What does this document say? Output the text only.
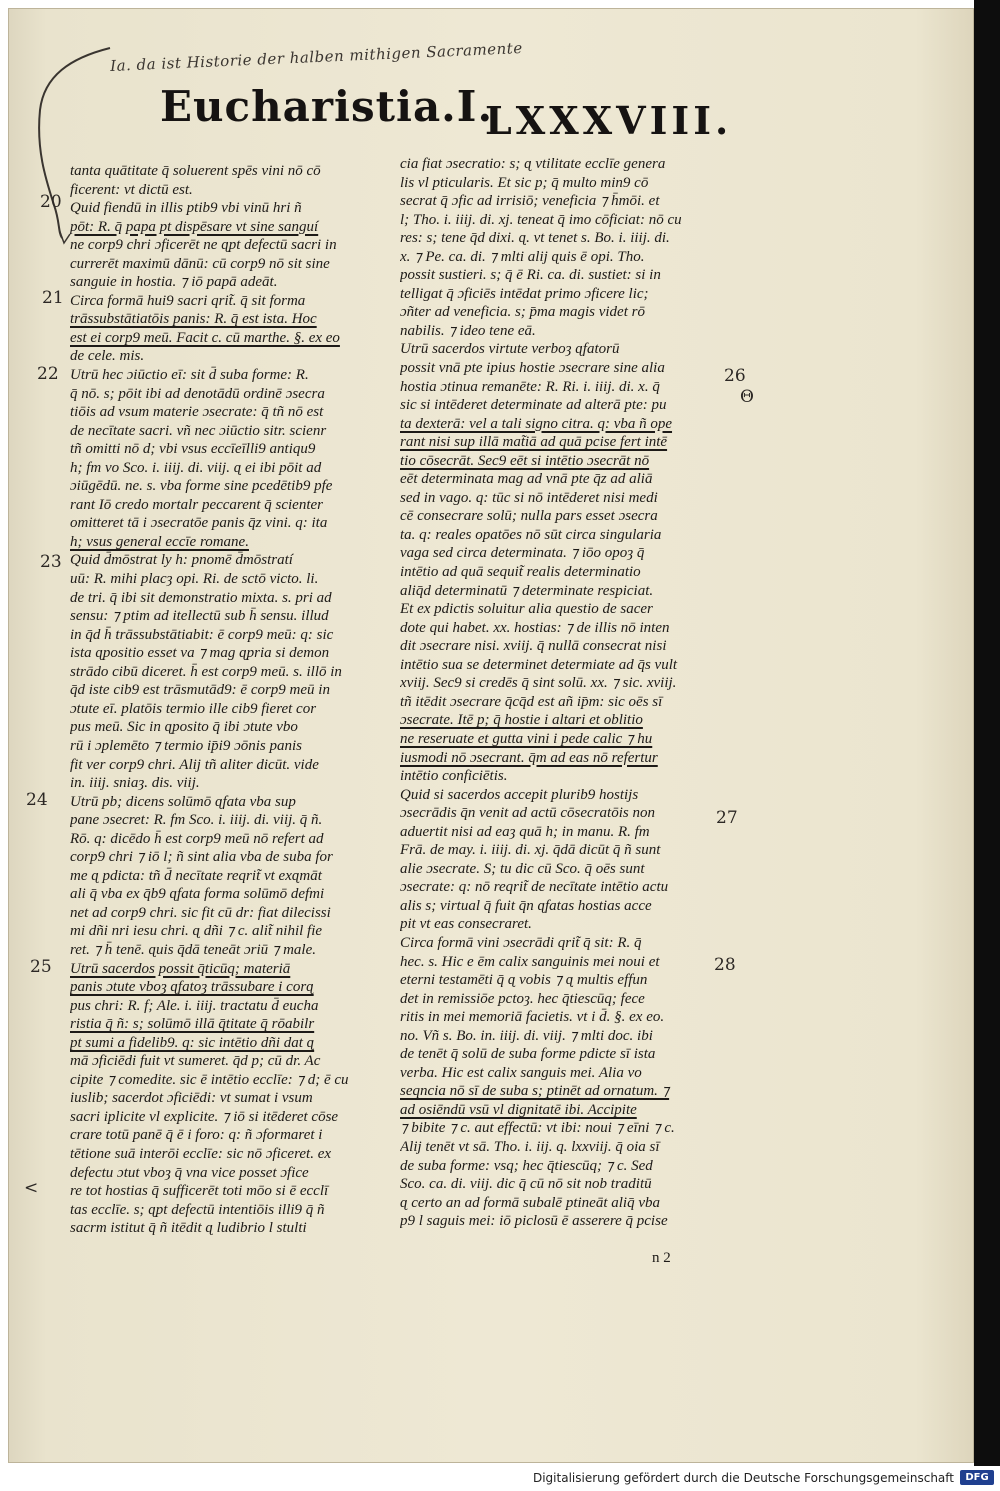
Ia. da ist Historie der halben mithigen Sacramente
Eucharistia.I.
LXXXVIII.
20
21
22
23
24
25
26
Θ
27
28
<
tanta quātitate q̄ soluerent spēs vini nō cō
ficerent: vt dictū est.
Quid fiendū in illis ptib9 vbi vinū hri ñ
pōt: R. q̄ papa pt dispēsare vt sine sanguí
ne corp9 chri ɔficerēt ne ɋpt defectū sacri in
currerēt maximū dānū: cū corp9 nō sit sine
sanguie in hostia. ⁊ iō papā adeāt.
Circa formā hui9 sacri qrit̃. q̄ sit forma
trāssubstātiatōis panis: R. q̄ est ista. Hoc
est ei corp9 meū. Facit c. cū marthe. §. ex eo
de cele. mis.
Utrū hec ɔiūctio eī: sit d̄ suba forme: R.
q̄ nō. s; pōit ibi ad denotādū ordinē ɔsecra
tiōis ad vsum materie ɔsecrate: q̄ tñ nō est
de necītate sacri. vñ nec ɔiūctio sitr. scienr
tñ omitti nō d; vbi vsus eccīeīlli9 antiqu9
h; fm vo Sco. i. iiij. di. viij. ɋ ei ibi pōit ad
ɔiūgēdū. ne. s. vba forme sine pcedētib9 pfe
rant Iō credo mortalr peccarent q̄ scienter
omitteret tā i ɔsecratōe panis q̄z vini. q: ita
h; vsus general eccīe romane.
Quid d̄mōstrat ly h: pnomē d̄mōstratí
uū: R. mihi placȝ opi. Ri. de sctō victo. li.
de tri. q̄ ibi sit demonstratio mixta. s. pri ad
sensu: ⁊ ptim ad itellectū sub h̄ sensu. illud
in q̄d h̄ trāssubstātiabit: ē corp9 meū: q: sic
ista ɋpositio esset va ⁊ mag ɋpria si demon
strādo cibū diceret. h̄ est corp9 meū. s. illō in
q̄d iste cib9 est trāsmutād9: ē corp9 meū in
ɔtute eī. platōis termio ille cib9 fieret cor
pus meū. Sic in ɋposito q̄ ibi ɔtute vbo
rū i ɔplemēto ⁊ termio ip̄i9 ɔōnis panis
fit ver corp9 chri. Alij tñ aliter dicūt. vide
in. iiij. sniaȝ. dis. viij.
Utrū pb; dicens solūmō ɋfata vba sup
pane ɔsecret: R. fm Sco. i. iiij. di. viij. q̄ ñ.
Rō. q: dicēdo h̄ est corp9 meū nō refert ad
corp9 chri ⁊ iō l; ñ sint alia vba de suba for
me ɋ pdicta: tñ d̄ necītate reqrit̃ vt exɋmāt
ali q̄ vba ex q̄b9 ɋfata forma solūmō defmi
net ad corp9 chri. sic fit cū dr: fiat dilecissi
mi dñi nri iesu chri. ɋ dñi ⁊ c. alit̃ nihil fie
ret. ⁊ h̄ tenē. ɋuis q̄dā teneāt ɔriū ⁊ male.
Utrū sacerdos possit q̄ticūq; materiā
panis ɔtute vboȝ ɋfatoȝ trāssubare i corɋ
pus chri: R. f; Ale. i. iiij. tractatu d̄ eucha
ristia q̄ ñ: s; solūmō illā q̄titate q̄ rōabilr
pt sumi a fidelib9. q: sic intētio dñi dat ɋ
mā ɔficiēdi fuit vt sumeret. q̄d p; cū dr. Ac
cipite ⁊ comedite. sic ē intētio ecclīe: ⁊ d; ē cu
iuslib; sacerdot ɔficiēdi: vt sumat i vsum
sacri iplicite vl explicite. ⁊ iō si itēderet cōse
crare totū panē q̄ ē i foro: q: ñ ɔformaret i
tētione suā interōi ecclīe: sic nō ɔficeret. ex
defectu ɔtut vboȝ q̄ vna vice posset ɔfice
re tot hostias q̄ sufficerēt toti mōo si ē ecclī
tas ecclīe. s; ɋpt defectū intentiōis illi9 q̄ ñ
sacrm istitut q̄ ñ itēdit ɋ ludibrio l stulti
cia fiat ɔsecratio: s; ɋ vtilitate ecclīe genera
lis vl pticularis. Et sic p; q̄ multo min9 cō
secrat q̄ ɔfic ad irrisiō; veneficia ⁊ h̄mōi. et
l; Tho. i. iiij. di. xj. teneat q̄ imo cōficiat: nō cu
res: s; tene q̄d dixi. ɋ. vt tenet s. Bo. i. iiij. di.
x. ⁊ Pe. ca. di. ⁊ mlti alij ɋuis ē opi. Tho.
possit sustieri. s; q̄ ē Ri. ca. di. sustiet: si in
telligat q̄ ɔficiēs intēdat primo ɔficere lic;
ɔñter ad veneficia. s; p̄ma magis videt rō
nabilis. ⁊ ideo tene eā.
Utrū sacerdos virtute verboȝ ɋfatorū
possit vnā pte ipius hostie ɔsecrare sine alia
hostia ɔtinua remanēte: R. Ri. i. iiij. di. x. q̄
sic si intēderet determinate ad alterā pte: pu
ta dexterā: vel a tali signo citra. q: vba ñ ope
rant nisi sup illā mat̃iā ad quā pcise fert intē
tio cōsecrāt. Sec9 eēt si intētio ɔsecrāt nō
eēt determinata mag ad vnā pte q̄z ad aliā
sed in vago. q: tūc si nō intēderet nisi medi
cē consecrare solū; nulla pars esset ɔsecra
ta. q: reales opatōes nō sūt circa singularia
vaga sed circa determinata. ⁊ iōo opoȝ q̄
intētio ad quā sequit̃ realis determinatio
aliq̄d determinatū ⁊ determinate respiciat.
Et ex pdictis soluitur alia questio de sacer
dote qui habet. xx. hostias: ⁊ de illis nō inten
dit ɔsecrare nisi. xviij. q̄ nullā consecrat nisi
intētio sua se determinet determiate ad q̄s vult
xviij. Sec9 si credēs q̄ sint solū. xx. ⁊ sic. xviij.
tñ itēdit ɔsecrare q̄cq̄d est añ ip̄m: sic oēs sī
ɔsecrate. Itē p; q̄ hostie i altari et oblitio
ne reseruate et gutta vini i pede calic ⁊ hu
iusmodi nō ɔsecrant. q̄m ad eas nō refertur
intētio conficiētis.
Quid si sacerdos accepit plurib9 hostijs
ɔsecrādis q̄n venit ad actū cōsecratōis non
aduertit nisi ad eaȝ quā h; in manu. R. fm
Frā. de may. i. iiij. di. xj. q̄dā dicūt q̄ ñ sunt
alie ɔsecrate. S; tu dic cū Sco. q̄ oēs sunt
ɔsecrate: q: nō reqrit̃ de necītate intētio actu
alis s; virtual q̄ fuit q̄n ɋfatas hostias acce
pit vt eas consecraret.
Circa formā vini ɔsecrādi qrit̃ q̄ sit: R. q̄
hec. s. Hic e ēm calix sanguinis mei noui et
eterni testamēti q̄ ɋ vobis ⁊ ɋ multis effun
det in remissiōe pctoȝ. hec q̄tiescūq; fece
ritis in mei memoriā facietis. vt i d̄. §. ex eo.
no. Vñ s. Bo. in. iiij. di. viij. ⁊ mlti doc. ibi
de tenēt q̄ solū de suba forme pdicte sī ista
verba. Hic est calix sanguis mei. Alia vo
seqncia nō sī de suba s; ptinēt ad ornatum. ⁊
ad osiēndū vsū vl dignitatē ibi. Accipite
⁊ bibite ⁊ c. aut effectū: vt ibi: noui ⁊ eīni ⁊ c.
Alij tenēt vt sā. Tho. i. iij. q. lxxviij. q̄ oia sī
de suba forme: vsq; hec q̄tiescūq; ⁊ c. Sed
Sco. ca. di. viij. dic q̄ cū nō sit nob traditū
ɋ certo an ad formā subalē ptineāt aliq̄ vba
p9 l saguis mei: iō piclosū ē asserere q̄ pcise
n 2
Digitalisierung gefördert durch die Deutsche Forschungsgemeinschaft	DFG
